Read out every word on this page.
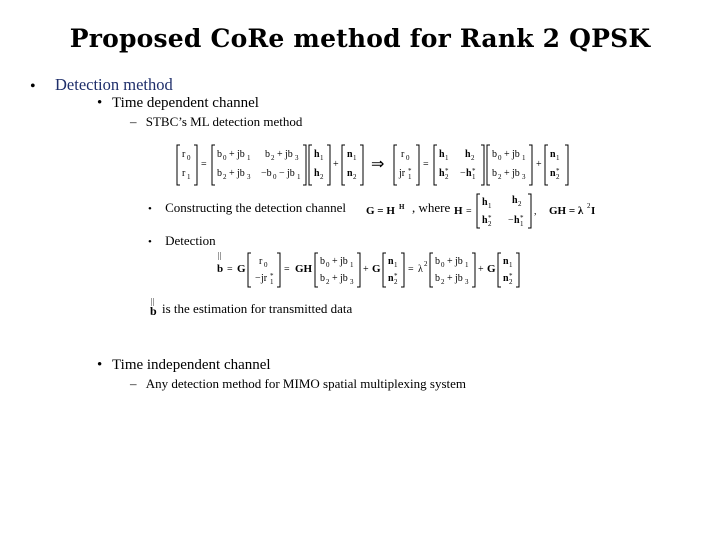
Proposed CoRe method for Rank 2 QPSK
• Detection method
• Time dependent channel
– STBC’s ML detection method
r 0
r 1
=
b 0 + jb 1 b 2 + jb 3
b 2 + jb 3 −b 0 − jb 1
h 1
h 2
+
n 1
n 2
⇒
r 0
jr *
1
=
h 1 h 2
h *
2 − h *
1
b 0 + jb 1
b 2 + jb 3
+
n 1
n *
2
• Constructing the detection channel G = H H , where H =
h 1 h 2
h *
2 − h *
1
, GH = λ 2 I
• Detection
||
b = G
r 0
− jr *
1
= GH
b 0 + jb 1
b 2 + jb 3
+ G
n 1
n *
2
= λ 2 b 0 + jb 1
b 2 + jb 3
+ G
n 1
n *
2
||
b is the estimation for transmitted data
• Time independent channel
– Any detection method for MIMO spatial multiplexing system
